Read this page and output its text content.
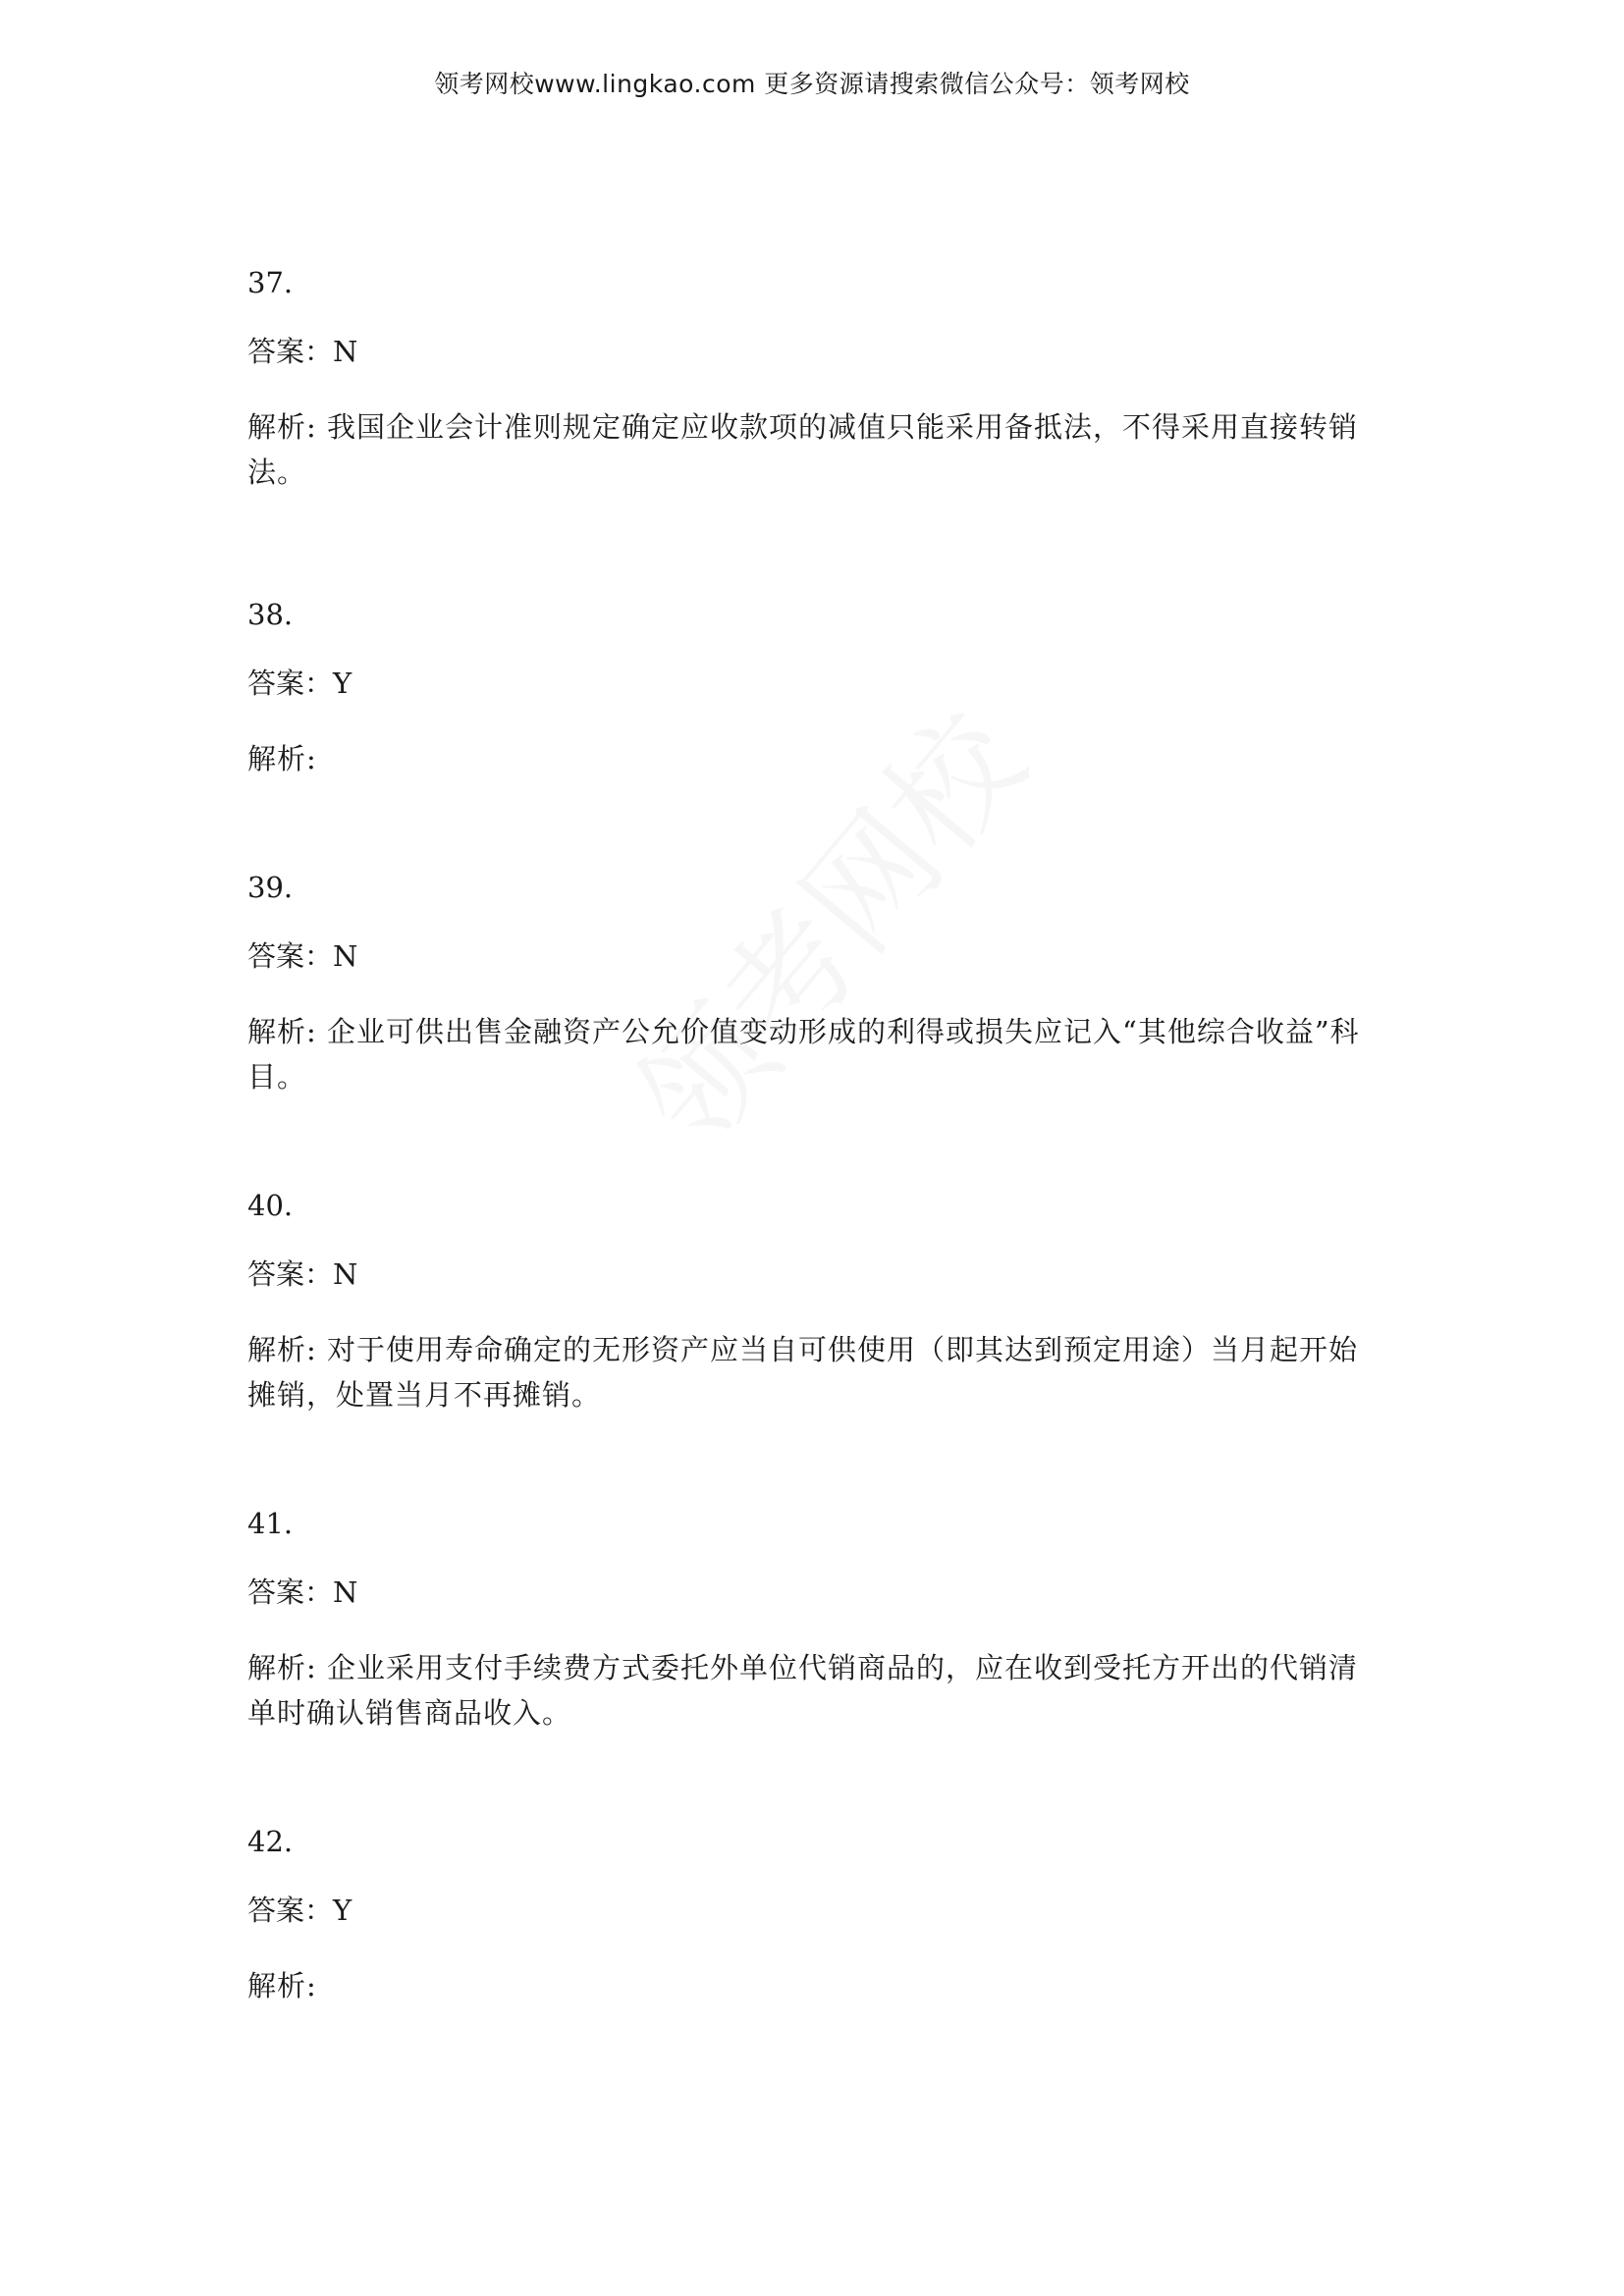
领考网校www.lingkao.com 更多资源请搜索微信公众号：领考网校

37.

答案：N

解析: 我国企业会计准则规定确定应收款项的减值只能采用备抵法，不得采用直接转销法。

38.

答案：Y

解析:

39.

答案：N

解析: 企业可供出售金融资产公允价值变动形成的利得或损失应记入“其他综合收益”科目。

40.

答案：N

解析: 对于使用寿命确定的无形资产应当自可供使用（即其达到预定用途）当月起开始摊销，处置当月不再摊销。

41.

答案：N

解析: 企业采用支付手续费方式委托外单位代销商品的，应在收到受托方开出的代销清单时确认销售商品收入。

42.

答案：Y

解析:
